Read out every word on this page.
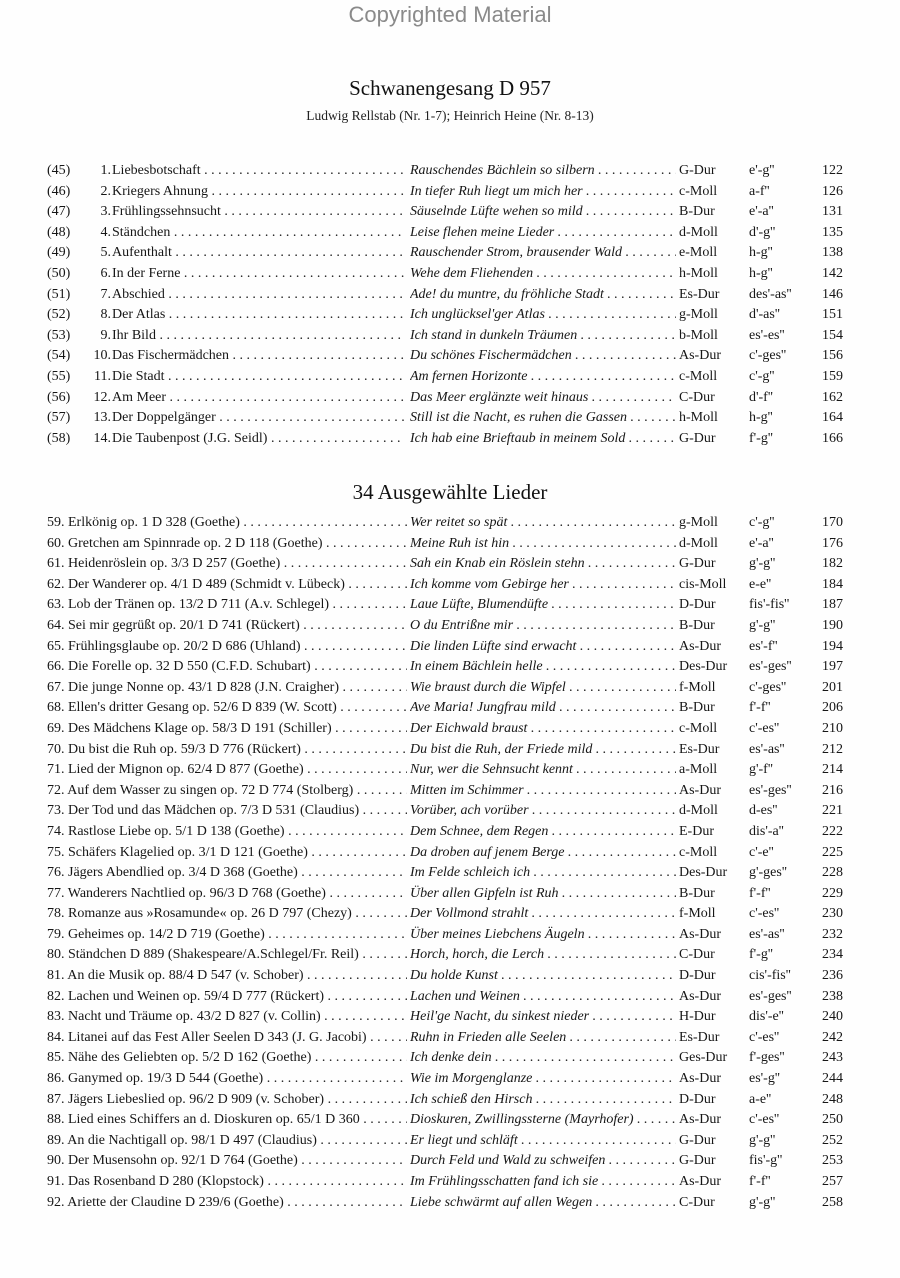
Copyrighted Material
Schwanengesang D 957
Ludwig Rellstab (Nr. 1-7); Heinrich Heine (Nr. 8-13)
(45)	1. Liebesbotschaft . . .	Rauschendes Bächlein so silbern . . .	G-Dur	e'-g''	122
(46)	2. Kriegers Ahnung . . .	In tiefer Ruh liegt um mich her . . .	c-Moll	a-f''	126
(47)	3. Frühlingssehnsucht . . .	Säuselnde Lüfte wehen so mild . . .	B-Dur	e'-a''	131
(48)	4. Ständchen . . .	Leise flehen meine Lieder . . .	d-Moll	d'-g''	135
(49)	5. Aufenthalt . . .	Rauschender Strom, brausender Wald . . .	e-Moll	h-g''	138
(50)	6. In der Ferne . . .	Wehe dem Fliehenden . . .	h-Moll	h-g''	142
(51)	7. Abschied . . .	Ade! du muntre, du fröhliche Stadt . . .	Es-Dur	des'-as''	146
(52)	8. Der Atlas . . .	Ich unglücksel'ger Atlas . . .	g-Moll	d'-as''	151
(53)	9. Ihr Bild . . .	Ich stand in dunkeln Träumen . . .	b-Moll	es'-es''	154
(54)	10. Das Fischermädchen . . .	Du schönes Fischermädchen . . .	As-Dur	c'-ges''	156
(55)	11. Die Stadt . . .	Am fernen Horizonte . . .	c-Moll	c'-g''	159
(56)	12. Am Meer . . .	Das Meer erglänzte weit hinaus . . .	C-Dur	d'-f''	162
(57)	13. Der Doppelgänger . . .	Still ist die Nacht, es ruhen die Gassen . . .	h-Moll	h-g''	164
(58)	14. Die Taubenpost (J.G. Seidl) . . .	Ich hab eine Brieftaub in meinem Sold . . .	G-Dur	f'-g''	166
34 Ausgewählte Lieder
59. Erlkönig op. 1 D 328 (Goethe) . . .	Wer reitet so spät . . .	g-Moll	c'-g''	170
60. Gretchen am Spinnrade op. 2 D 118 (Goethe) . . .	Meine Ruh ist hin . . .	d-Moll	e'-a''	176
61. Heidenröslein op. 3/3 D 257 (Goethe) . . .	Sah ein Knab ein Röslein stehn . . .	G-Dur	g'-g''	182
62. Der Wanderer op. 4/1 D 489 (Schmidt v. Lübeck) . . .	Ich komme vom Gebirge her . . .	cis-Moll	e-e''	184
63. Lob der Tränen op. 13/2 D 711 (A.v. Schlegel) . . .	Laue Lüfte, Blumendüfte . . .	D-Dur	fis'-fis''	187
64. Sei mir gegrüßt op. 20/1 D 741 (Rückert) . . .	O du Entrißne mir . . .	B-Dur	g'-g''	190
65. Frühlingsglaube op. 20/2 D 686 (Uhland) . . .	Die linden Lüfte sind erwacht . . .	As-Dur	es'-f''	194
66. Die Forelle op. 32 D 550 (C.F.D. Schubart) . . .	In einem Bächlein helle . . .	Des-Dur	es'-ges''	197
67. Die junge Nonne op. 43/1 D 828 (J.N. Craigher) . . .	Wie braust durch die Wipfel . . .	f-Moll	c'-ges''	201
68. Ellen's dritter Gesang op. 52/6 D 839 (W. Scott) . . .	Ave Maria! Jungfrau mild . . .	B-Dur	f'-f''	206
69. Des Mädchens Klage op. 58/3 D 191 (Schiller) . . .	Der Eichwald braust . . .	c-Moll	c'-es''	210
70. Du bist die Ruh op. 59/3 D 776 (Rückert) . . .	Du bist die Ruh, der Friede mild . . .	Es-Dur	es'-as''	212
71. Lied der Mignon op. 62/4 D 877 (Goethe) . . .	Nur, wer die Sehnsucht kennt . . .	a-Moll	g'-f''	214
72. Auf dem Wasser zu singen op. 72 D 774 (Stolberg) . . .	Mitten im Schimmer . . .	As-Dur	es'-ges''	216
73. Der Tod und das Mädchen op. 7/3 D 531 (Claudius) . . .	Vorüber, ach vorüber . . .	d-Moll	d-es''	221
74. Rastlose Liebe op. 5/1 D 138 (Goethe) . . .	Dem Schnee, dem Regen . . .	E-Dur	dis'-a''	222
75. Schäfers Klagelied op. 3/1 D 121 (Goethe) . . .	Da droben auf jenem Berge . . .	c-Moll	c'-e''	225
76. Jägers Abendlied op. 3/4 D 368 (Goethe) . . .	Im Felde schleich ich . . .	Des-Dur	g'-ges''	228
77. Wanderers Nachtlied op. 96/3 D 768 (Goethe) . . .	Über allen Gipfeln ist Ruh . . .	B-Dur	f'-f''	229
78. Romanze aus »Rosamunde« op. 26 D 797 (Chezy) . . .	Der Vollmond strahlt . . .	f-Moll	c'-es''	230
79. Geheimes op. 14/2 D 719 (Goethe) . . .	Über meines Liebchens Äugeln . . .	As-Dur	es'-as''	232
80. Ständchen D 889 (Shakespeare/A.Schlegel/Fr. Reil) . . .	Horch, horch, die Lerch . . .	C-Dur	f'-g''	234
81. An die Musik op. 88/4 D 547 (v. Schober) . . .	Du holde Kunst . . .	D-Dur	cis'-fis''	236
82. Lachen und Weinen op. 59/4 D 777 (Rückert) . . .	Lachen und Weinen . . .	As-Dur	es'-ges''	238
83. Nacht und Träume op. 43/2 D 827 (v. Collin) . . .	Heil'ge Nacht, du sinkest nieder . . .	H-Dur	dis'-e''	240
84. Litanei auf das Fest Aller Seelen D 343 (J. G. Jacobi) . . .	Ruhn in Frieden alle Seelen . . .	Es-Dur	c'-es''	242
85. Nähe des Geliebten op. 5/2 D 162 (Goethe) . . .	Ich denke dein . . .	Ges-Dur	f'-ges''	243
86. Ganymed op. 19/3 D 544 (Goethe) . . .	Wie im Morgenglanze . . .	As-Dur	es'-g''	244
87. Jägers Liebeslied op. 96/2 D 909 (v. Schober) . . .	Ich schieß den Hirsch . . .	D-Dur	a-e''	248
88. Lied eines Schiffers an d. Dioskuren op. 65/1 D 360 . . .	Dioskuren, Zwillingssterne (Mayrhofer) . . .	As-Dur	c'-es''	250
89. An die Nachtigall op. 98/1 D 497 (Claudius) . . .	Er liegt und schläft . . .	G-Dur	g'-g''	252
90. Der Musensohn op. 92/1 D 764 (Goethe) . . .	Durch Feld und Wald zu schweifen . . .	G-Dur	fis'-g''	253
91. Das Rosenband D 280 (Klopstock) . . .	Im Frühlingsschatten fand ich sie . . .	As-Dur	f'-f''	257
92. Ariette der Claudine D 239/6 (Goethe) . . .	Liebe schwärmt auf allen Wegen . . .	C-Dur	g'-g''	258
